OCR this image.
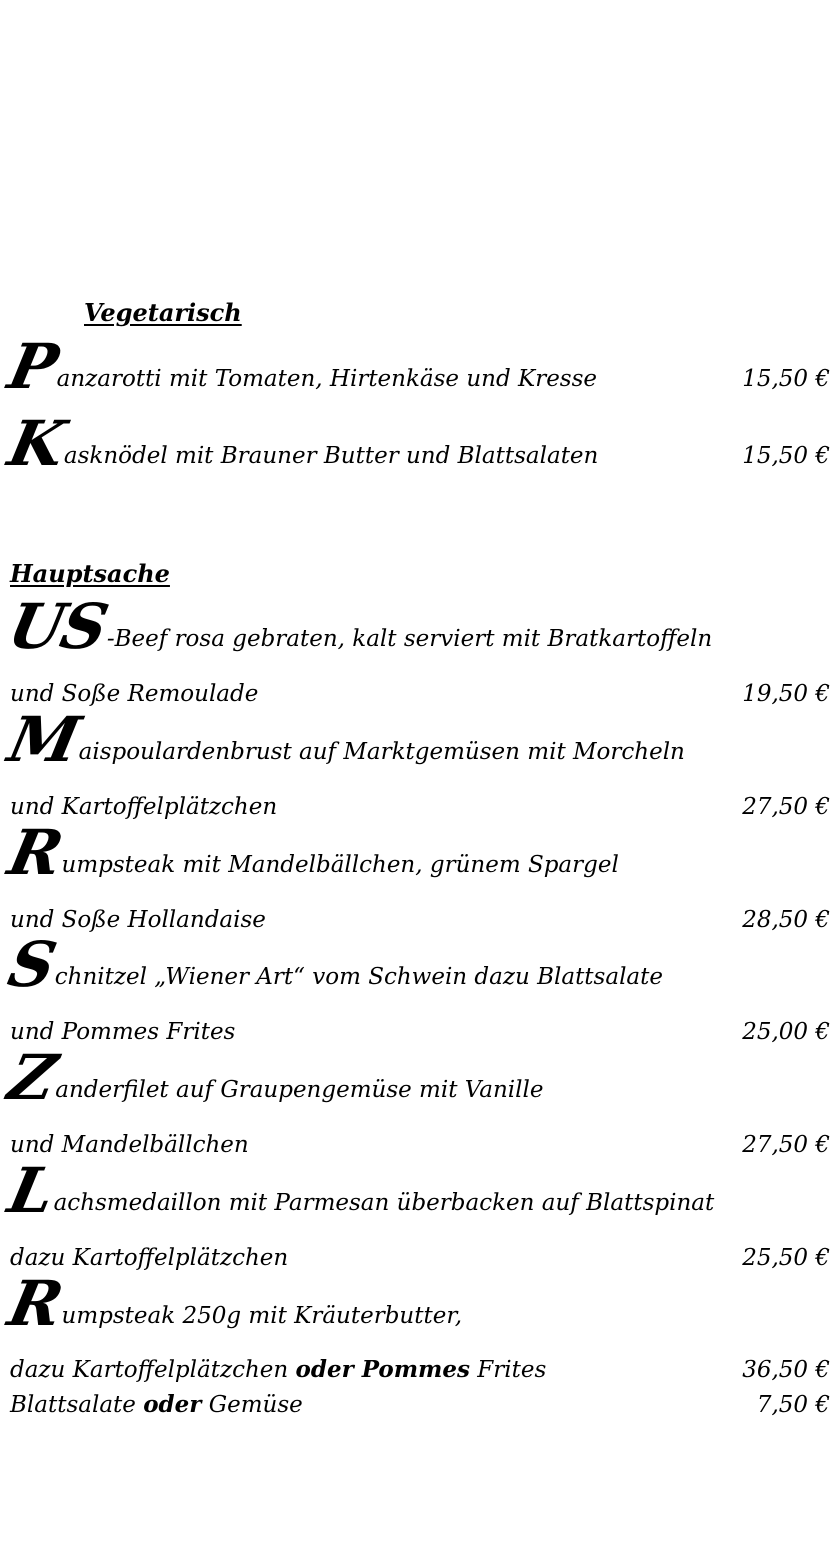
Vegetarisch
P
anzarotti mit Tomaten, Hirtenkäse und Kresse	15,50 €
K
asknödel mit Brauner Butter und Blattsalaten	15,50 €
Hauptsache
US
-Beef rosa gebraten, kalt serviert mit Bratkartoffeln
und Soße Remoulade	19,50 €
M
aispoulardenbrust auf Marktgemüsen mit Morcheln
und Kartoffelplätzchen	27,50 €
R
umpsteak mit Mandelbällchen, grünem Spargel
und Soße Hollandaise	28,50 €
S
chnitzel „Wiener Art“ vom Schwein dazu Blattsalate
und Pommes Frites	25,00 €
Z
anderfilet auf Graupengemüse mit Vanille
und Mandelbällchen	27,50 €
L
achsmedaillon mit Parmesan überbacken auf Blattspinat
dazu Kartoffelplätzchen	25,50 €
R
umpsteak 250g mit Kräuterbutter,
dazu Kartoffelplätzchen oder Pommes Frites	36,50 €
Blattsalate oder Gemüse	7,50 €
